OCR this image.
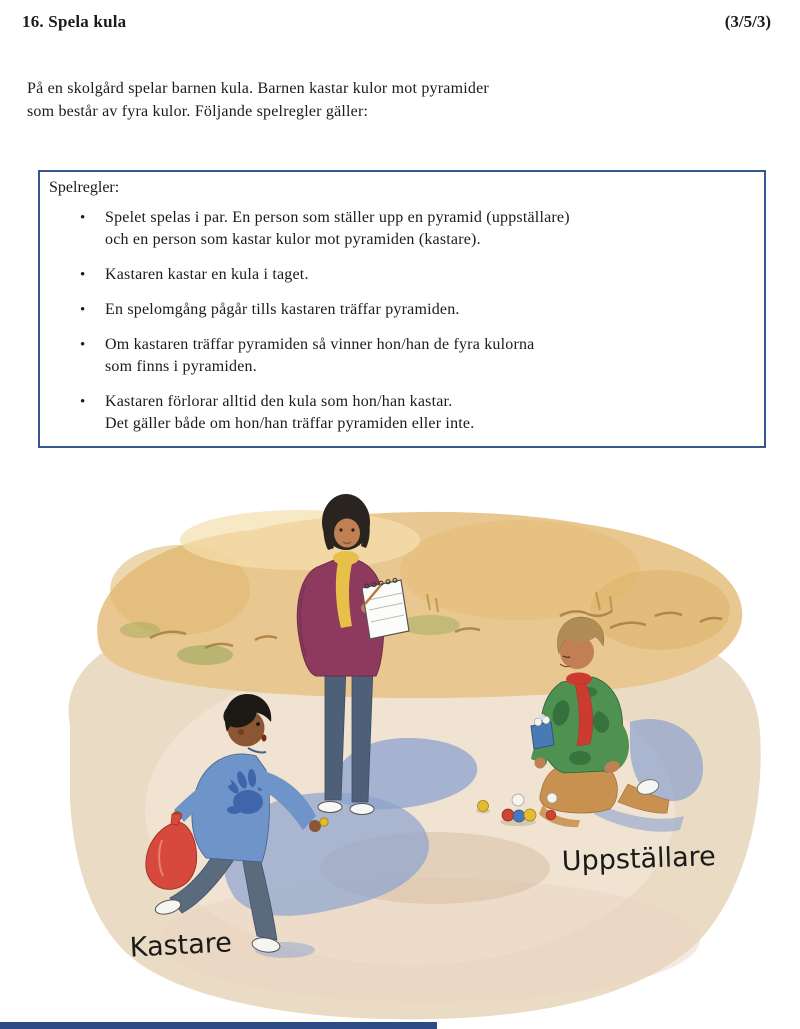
16. Spela kula	(3/5/3)
På en skolgård spelar barnen kula. Barnen kastar kulor mot pyramider
som består av fyra kulor. Följande spelregler gäller:
Spelregler:
•	Spelet spelas i par. En person som ställer upp en pyramid (uppställare)
och en person som kastar kulor mot pyramiden (kastare).
•	Kastaren kastar en kula i taget.
•	En spelomgång pågår tills kastaren träffar pyramiden.
•	Om kastaren träffar pyramiden så vinner hon/han de fyra kulorna
som finns i pyramiden.
•	Kastaren förlorar alltid den kula som hon/han kastar.
Det gäller både om hon/han träffar pyramiden eller inte.
Kastare
Uppställare
